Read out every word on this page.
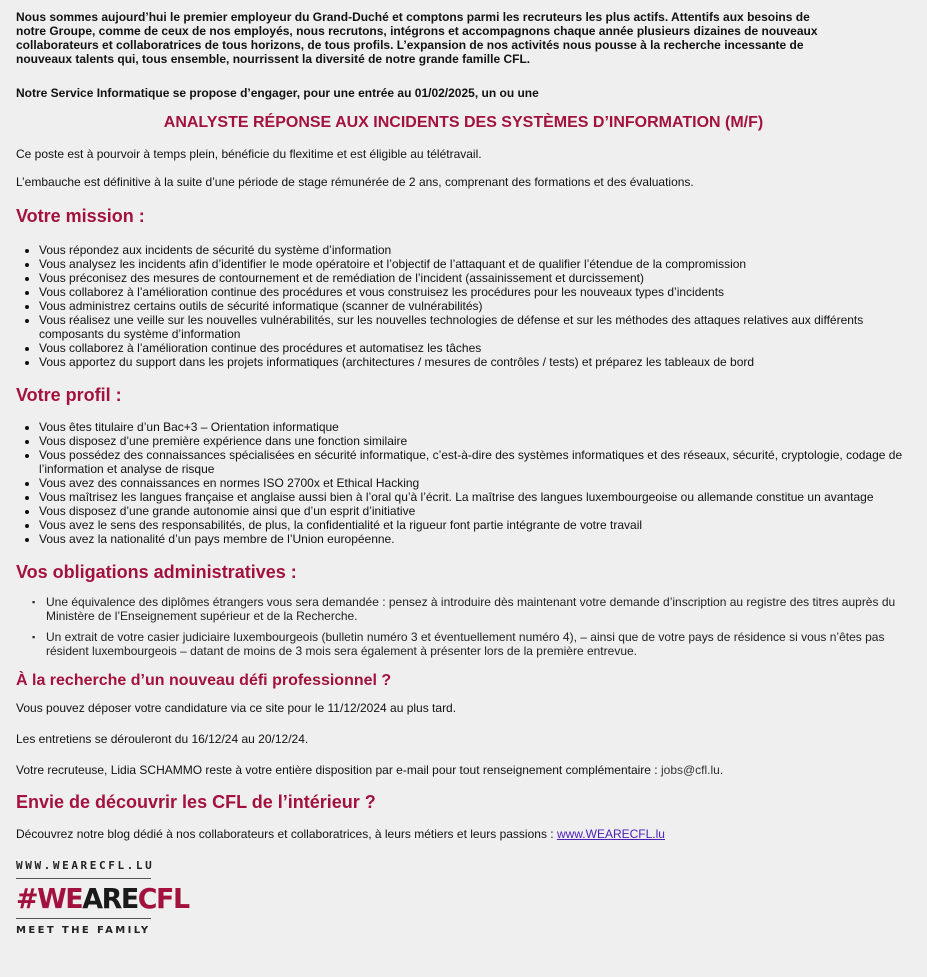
Nous sommes aujourd’hui le premier employeur du Grand-Duché et comptons parmi les recruteurs les plus actifs. Attentifs aux besoins de notre Groupe, comme de ceux de nos employés, nous recrutons, intégrons et accompagnons chaque année plusieurs dizaines de nouveaux collaborateurs et collaboratrices de tous horizons, de tous profils. L’expansion de nos activités nous pousse à la recherche incessante de nouveaux talents qui, tous ensemble, nourrissent la diversité de notre grande famille CFL.

Notre Service Informatique se propose d’engager, pour une entrée au 01/02/2025, un ou une

ANALYSTE RÉPONSE AUX INCIDENTS DES SYSTÈMES D’INFORMATION (M/F)

Ce poste est à pourvoir à temps plein, bénéficie du flexitime et est éligible au télétravail.

L’embauche est définitive à la suite d’une période de stage rémunérée de 2 ans, comprenant des formations et des évaluations.

Votre mission :
• Vous répondez aux incidents de sécurité du système d’information
• Vous analysez les incidents afin d’identifier le mode opératoire et l’objectif de l’attaquant et de qualifier l’étendue de la compromission
• Vous préconisez des mesures de contournement et de remédiation de l’incident (assainissement et durcissement)
• Vous collaborez à l’amélioration continue des procédures et vous construisez les procédures pour les nouveaux types d’incidents
• Vous administrez certains outils de sécurité informatique (scanner de vulnérabilités)
• Vous réalisez une veille sur les nouvelles vulnérabilités, sur les nouvelles technologies de défense et sur les méthodes des attaques relatives aux différents composants du système d’information
• Vous collaborez à l’amélioration continue des procédures et automatisez les tâches
• Vous apportez du support dans les projets informatiques (architectures / mesures de contrôles / tests) et préparez les tableaux de bord
Votre profil :
• Vous êtes titulaire d’un Bac+3 – Orientation informatique
• Vous disposez d’une première expérience dans une fonction similaire
• Vous possédez des connaissances spécialisées en sécurité informatique, c’est-à-dire des systèmes informatiques et des réseaux, sécurité, cryptologie, codage de l’information et analyse de risque
• Vous avez des connaissances en normes ISO 2700x et Ethical Hacking
• Vous maîtrisez les langues française et anglaise aussi bien à l’oral qu’à l’écrit. La maîtrise des langues luxembourgeoise ou allemande constitue un avantage
• Vous disposez d’une grande autonomie ainsi que d’un esprit d’initiative
• Vous avez le sens des responsabilités, de plus, la confidentialité et la rigueur font partie intégrante de votre travail
• Vous avez la nationalité d’un pays membre de l’Union européenne.
Vos obligations administratives :
▪ Une équivalence des diplômes étrangers vous sera demandée : pensez à introduire dès maintenant votre demande d’inscription au registre des titres auprès du Ministère de l’Enseignement supérieur et de la Recherche.
▪ Un extrait de votre casier judiciaire luxembourgeois (bulletin numéro 3 et éventuellement numéro 4), – ainsi que de votre pays de résidence si vous n’êtes pas résident luxembourgeois – datant de moins de 3 mois sera également à présenter lors de la première entrevue.
À la recherche d’un nouveau défi professionnel ?

Vous pouvez déposer votre candidature via ce site pour le 11/12/2024 au plus tard.

Les entretiens se dérouleront du 16/12/24 au 20/12/24.

Votre recruteuse, Lidia SCHAMMO reste à votre entière disposition par e-mail pour tout renseignement complémentaire : jobs@cfl.lu.

Envie de découvrir les CFL de l’intérieur ?

Découvrez notre blog dédié à nos collaborateurs et collaboratrices, à leurs métiers et leurs passions : www.WEARECFL.lu

WWW.WEARECFL.LU
#WEARECFL
MEET THE FAMILY
